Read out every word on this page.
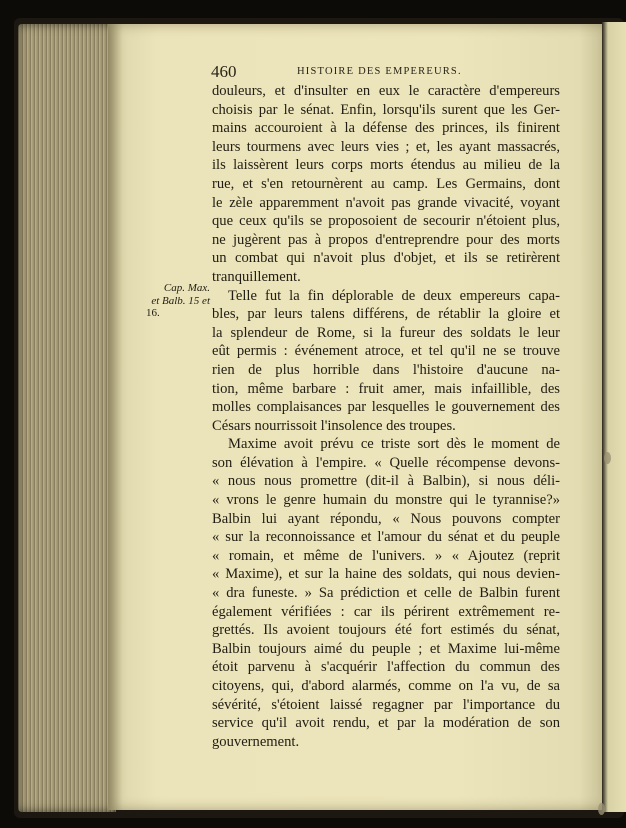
460	HISTOIRE DES EMPEREURS.
Cap. Max.
et Balb. 15 et
16.
douleurs, et d'insulter en eux le caractère d'empereurs
choisis par le sénat. Enfin, lorsqu'ils surent que les Ger-
mains accouroient à la défense des princes, ils finirent
leurs tourmens avec leurs vies ; et, les ayant massacrés,
ils laissèrent leurs corps morts étendus au milieu de la
rue, et s'en retournèrent au camp. Les Germains, dont
le zèle apparemment n'avoit pas grande vivacité, voyant
que ceux qu'ils se proposoient de secourir n'étoient plus,
ne jugèrent pas à propos d'entreprendre pour des morts
un combat qui n'avoit plus d'objet, et ils se retirèrent
tranquillement.
Telle fut la fin déplorable de deux empereurs capa-
bles, par leurs talens différens, de rétablir la gloire et
la splendeur de Rome, si la fureur des soldats le leur
eût permis : événement atroce, et tel qu'il ne se trouve
rien de plus horrible dans l'histoire d'aucune na-
tion, même barbare : fruit amer, mais infaillible, des
molles complaisances par lesquelles le gouvernement des
Césars nourrissoit l'insolence des troupes.
Maxime avoit prévu ce triste sort dès le moment de
son élévation à l'empire. « Quelle récompense devons-
« nous nous promettre (dit-il à Balbin), si nous déli-
« vrons le genre humain du monstre qui le tyrannise?»
Balbin lui ayant répondu, « Nous pouvons compter
« sur la reconnoissance et l'amour du sénat et du peuple
« romain, et même de l'univers. » « Ajoutez (reprit
« Maxime), et sur la haine des soldats, qui nous devien-
« dra funeste. » Sa prédiction et celle de Balbin furent
également vérifiées : car ils périrent extrêmement re-
grettés. Ils avoient toujours été fort estimés du sénat,
Balbin toujours aimé du peuple ; et Maxime lui-même
étoit parvenu à s'acquérir l'affection du commun des
citoyens, qui, d'abord alarmés, comme on l'a vu, de sa
sévérité, s'étoient laissé regagner par l'importance du
service qu'il avoit rendu, et par la modération de son
gouvernement.
